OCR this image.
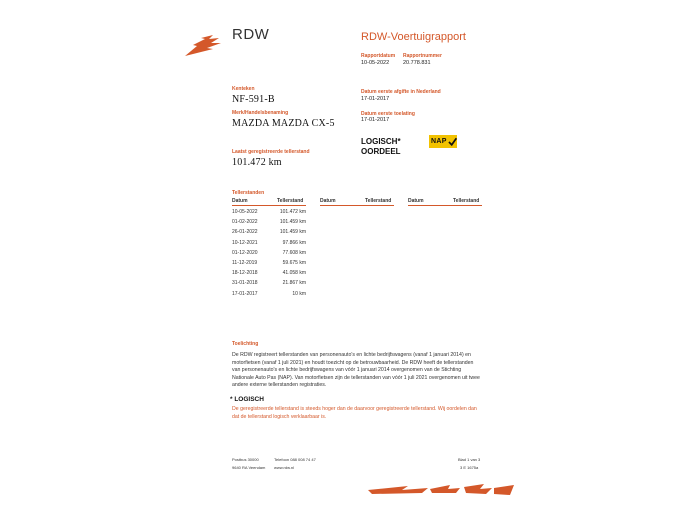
RDW	RDW-Voertuigrapport
Rapportdatum Rapportnummer
10-05-2022	20.778.831
Kenteken
NF-591-B
Merk/Handelsbenaming
MAZDA MAZDA CX-5
Laatst geregistreerde tellerstand
101.472 km
Datum eerste afgifte in Nederland
17-01-2017
Datum eerste toelating
17-01-2017
LOGISCH*
OORDEEL
NAP
Tellerstanden
Datum	Tellerstand	Datum	Tellerstand	Datum	Tellerstand
10-05-2022	101.472 km
01-02-2022	101.459 km
26-01-2022	101.459 km
10-12-2021	97.866 km
01-12-2020	77.608 km
11-12-2019	59.675 km
18-12-2018	41.058 km
31-01-2018	21.867 km
17-01-2017	10 km
Toelichting
De RDW registreert tellerstanden van personenauto's en lichte bedrijfswagens (vanaf 1 januari 2014) en motorfietsen (vanaf 1 juli 2021) en houdt toezicht op de betrouwbaarheid. De RDW heeft de tellerstanden van personenauto's en lichte bedrijfswagens van vóór 1 januari 2014 overgenomen van de Stichting Nationale Auto Pas (NAP). Van motorfietsen zijn de tellerstanden van vóór 1 juli 2021 overgenomen uit twee andere externe tellerstanden registraties.
* LOGISCH
De geregistreerde tellerstand is steeds hoger dan de daarvoor geregistreerde tellerstand. Wij oordelen dan dat de tellerstand logisch verklaarbaar is.
Postbus 30000
9640 RA Veendam
Telefoon 088 008 74 47
www.rdw.nl
Blad 1 van 3
3 E 1675a
